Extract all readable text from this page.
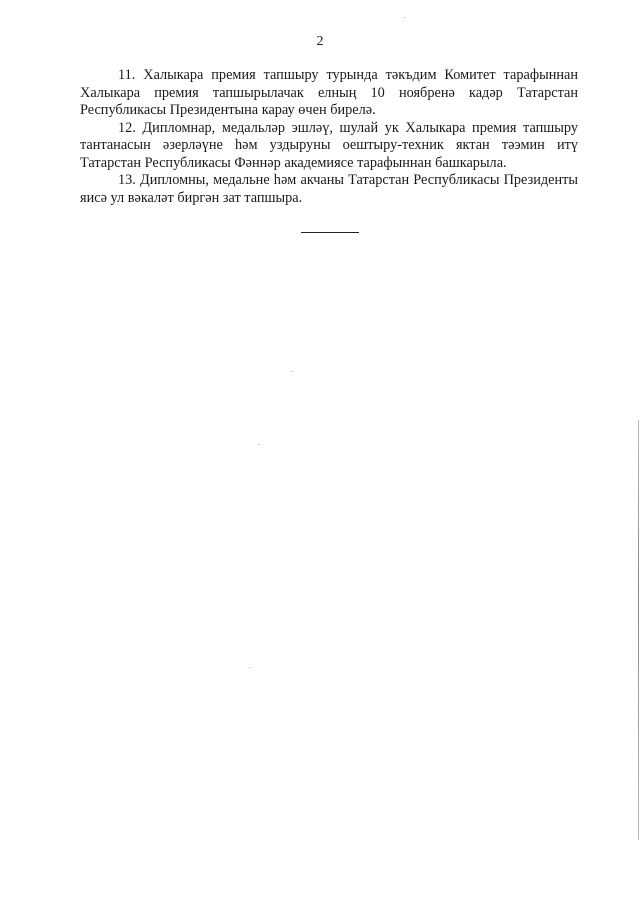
2

11. Халыкара премия тапшыру турында тәкъдим Комитет тарафыннан Халыкара премия тапшырылачак елның 10 ноябренә кадәр Татарстан Республикасы Президентына карау өчен бирелә.

12. Дипломнар, медальләр эшләү, шулай ук Халыкара премия тапшыру тантанасын әзерләүне һәм уздыруны оештыру-техник яктан тәэмин итү Татарстан Республикасы Фәннәр академиясе тарафыннан башкарыла.

13. Дипломны, медальне һәм акчаны Татарстан Республикасы Президенты яисә ул вәкаләт биргән зат тапшыра.
